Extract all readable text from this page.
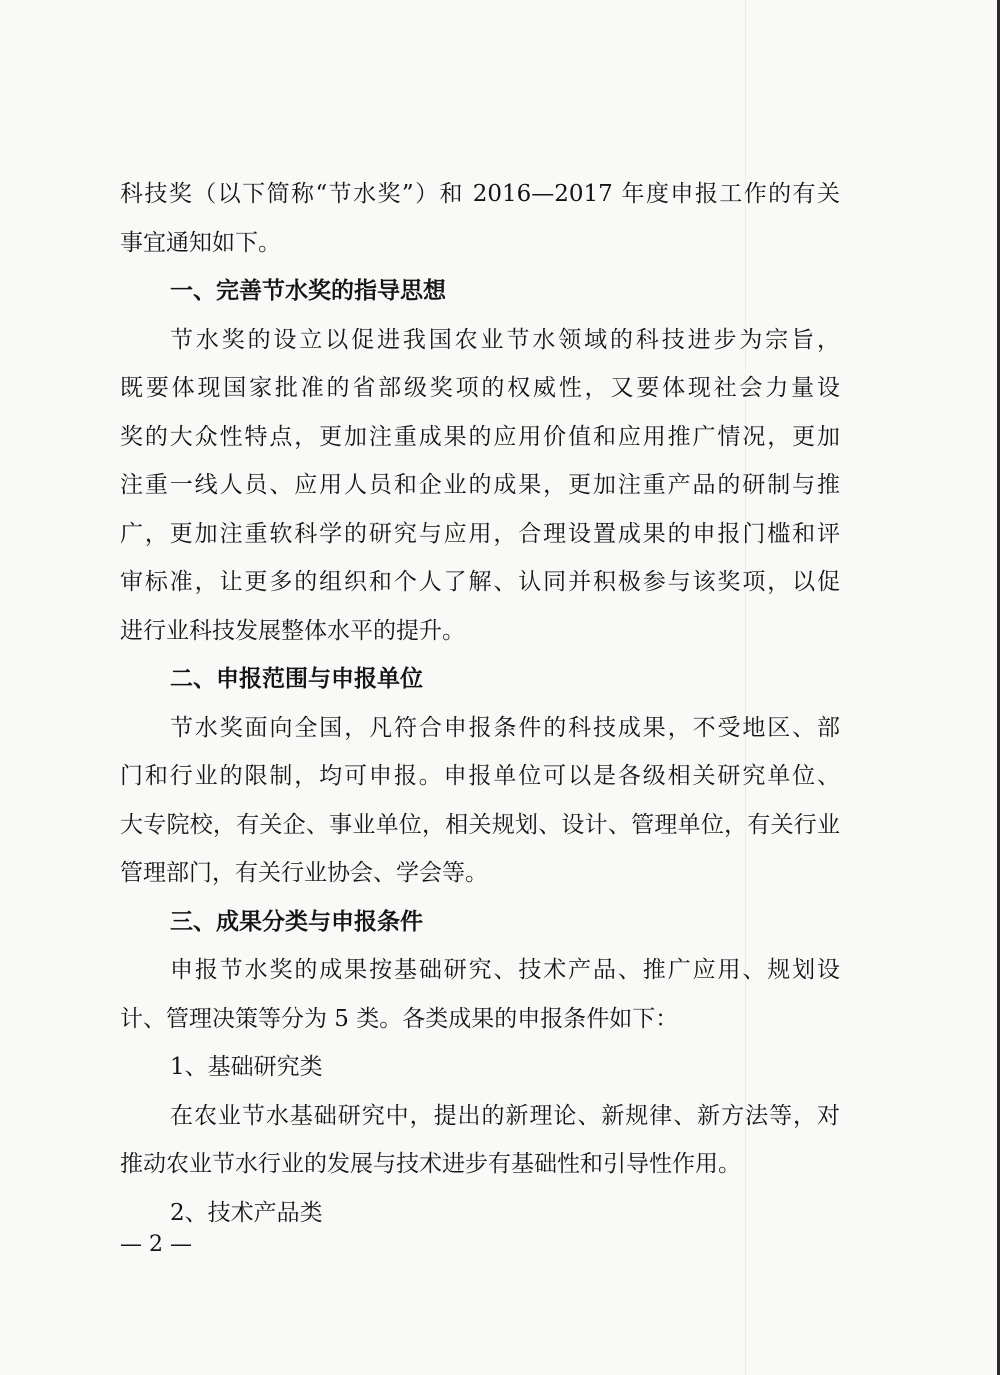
科技奖（以下简称“节水奖”）和 2016—2017 年度申报工作的有关
事宜通知如下。
一、完善节水奖的指导思想
节水奖的设立以促进我国农业节水领域的科技进步为宗旨，
既要体现国家批准的省部级奖项的权威性，又要体现社会力量设
奖的大众性特点，更加注重成果的应用价值和应用推广情况，更加
注重一线人员、应用人员和企业的成果，更加注重产品的研制与推
广，更加注重软科学的研究与应用，合理设置成果的申报门槛和评
审标准，让更多的组织和个人了解、认同并积极参与该奖项，以促
进行业科技发展整体水平的提升。
二、申报范围与申报单位
节水奖面向全国，凡符合申报条件的科技成果，不受地区、部
门和行业的限制，均可申报。申报单位可以是各级相关研究单位、
大专院校，有关企、事业单位，相关规划、设计、管理单位，有关行业
管理部门，有关行业协会、学会等。
三、成果分类与申报条件
申报节水奖的成果按基础研究、技术产品、推广应用、规划设
计、管理决策等分为 5 类。各类成果的申报条件如下：
1、基础研究类
在农业节水基础研究中，提出的新理论、新规律、新方法等，对
推动农业节水行业的发展与技术进步有基础性和引导性作用。
2、技术产品类
— 2 —
